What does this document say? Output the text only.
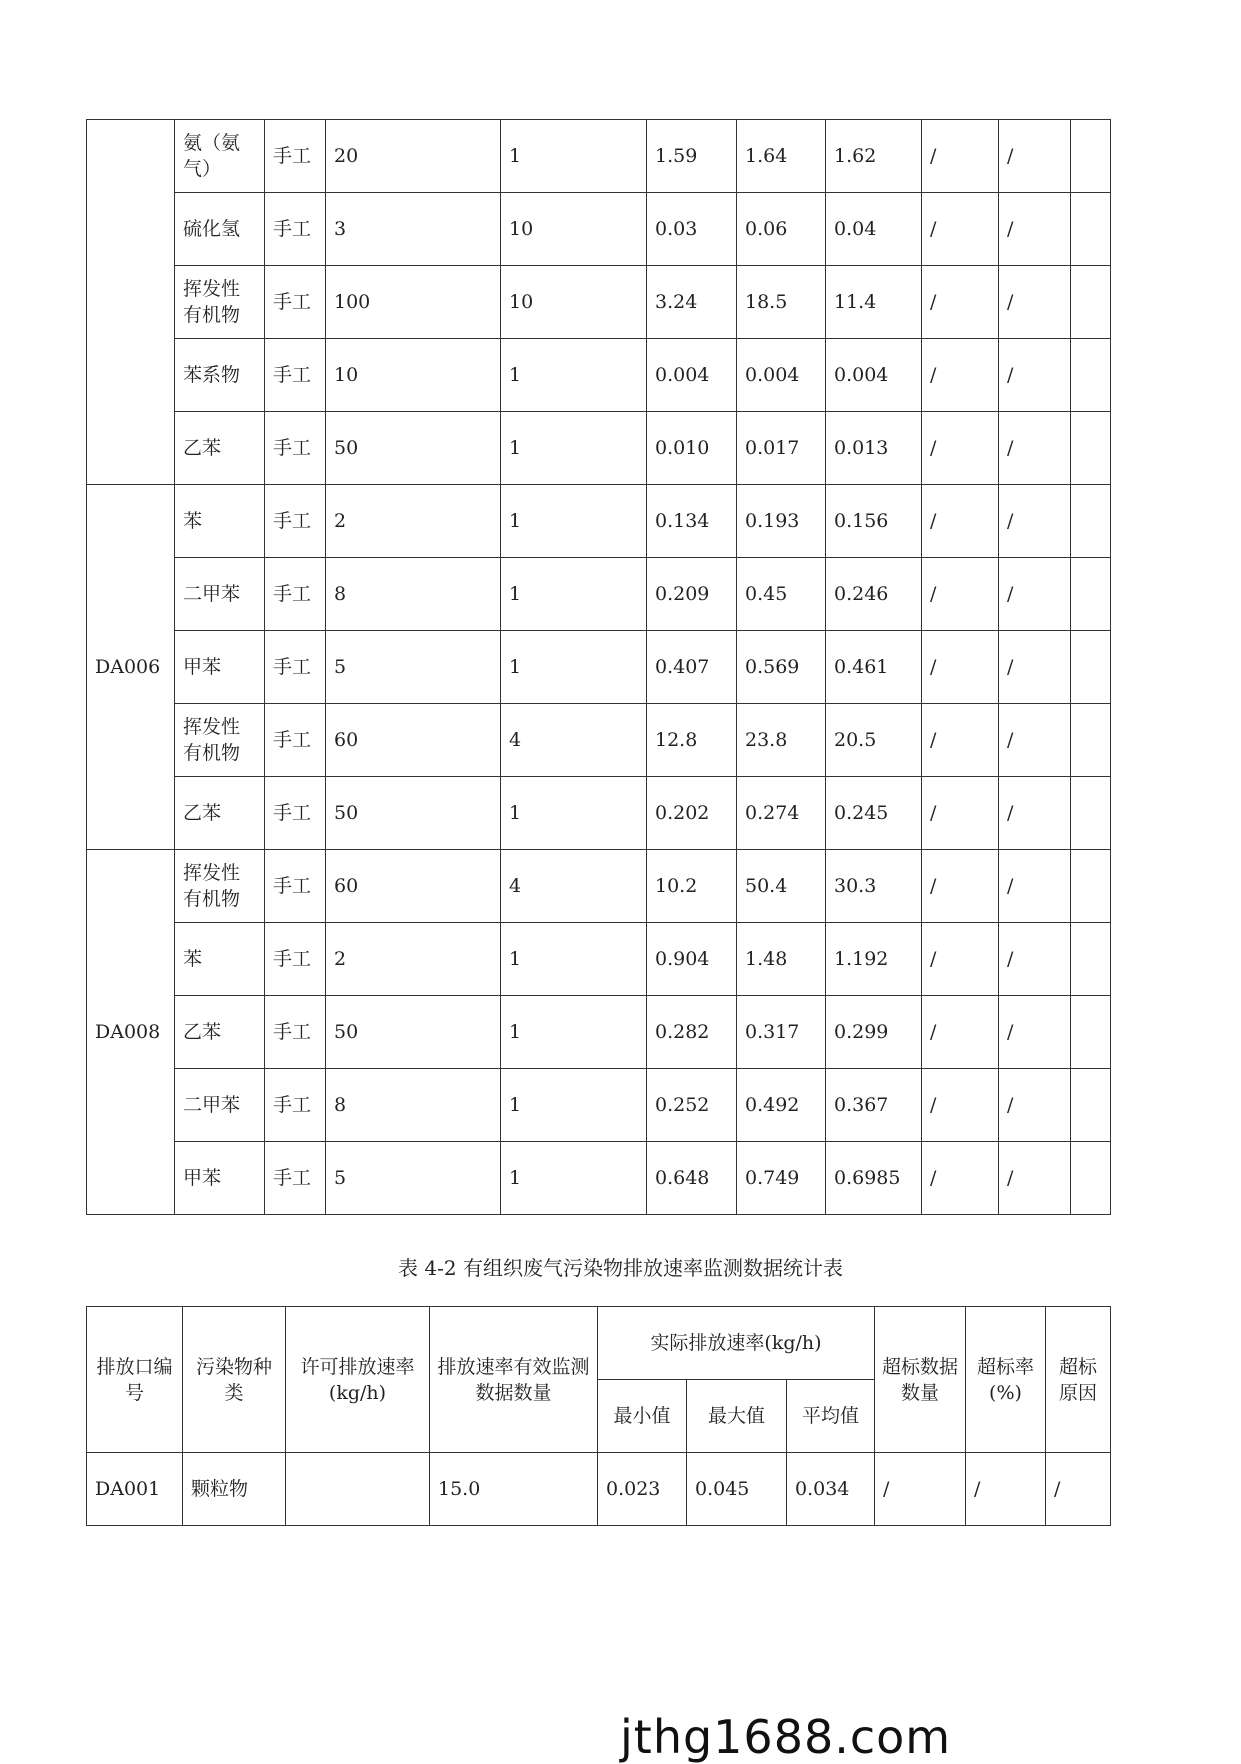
	氨（氨气）	手工	20	1	1.59	1.64	1.62	/	/	
	硫化氢	手工	3	10	0.03	0.06	0.04	/	/	
	挥发性有机物	手工	100	10	3.24	18.5	11.4	/	/	
	苯系物	手工	10	1	0.004	0.004	0.004	/	/	
	乙苯	手工	50	1	0.010	0.017	0.013	/	/	
DA006	苯	手工	2	1	0.134	0.193	0.156	/	/	
	二甲苯	手工	8	1	0.209	0.45	0.246	/	/	
	甲苯	手工	5	1	0.407	0.569	0.461	/	/	
	挥发性有机物	手工	60	4	12.8	23.8	20.5	/	/	
	乙苯	手工	50	1	0.202	0.274	0.245	/	/	
DA008	挥发性有机物	手工	60	4	10.2	50.4	30.3	/	/	
	苯	手工	2	1	0.904	1.48	1.192	/	/	
	乙苯	手工	50	1	0.282	0.317	0.299	/	/	
	二甲苯	手工	8	1	0.252	0.492	0.367	/	/	
	甲苯	手工	5	1	0.648	0.749	0.6985	/	/	
表 4-2 有组织废气污染物排放速率监测数据统计表
排放口编号	污染物种类	许可排放速率(kg/h)	排放速率有效监测数据数量	实际排放速率(kg/h)			超标数据数量	超标率(%)	超标原因
				最小值	最大值	平均值			
DA001	颗粒物		15.0	0.023	0.045	0.034	/	/	/
jthg1688.com
